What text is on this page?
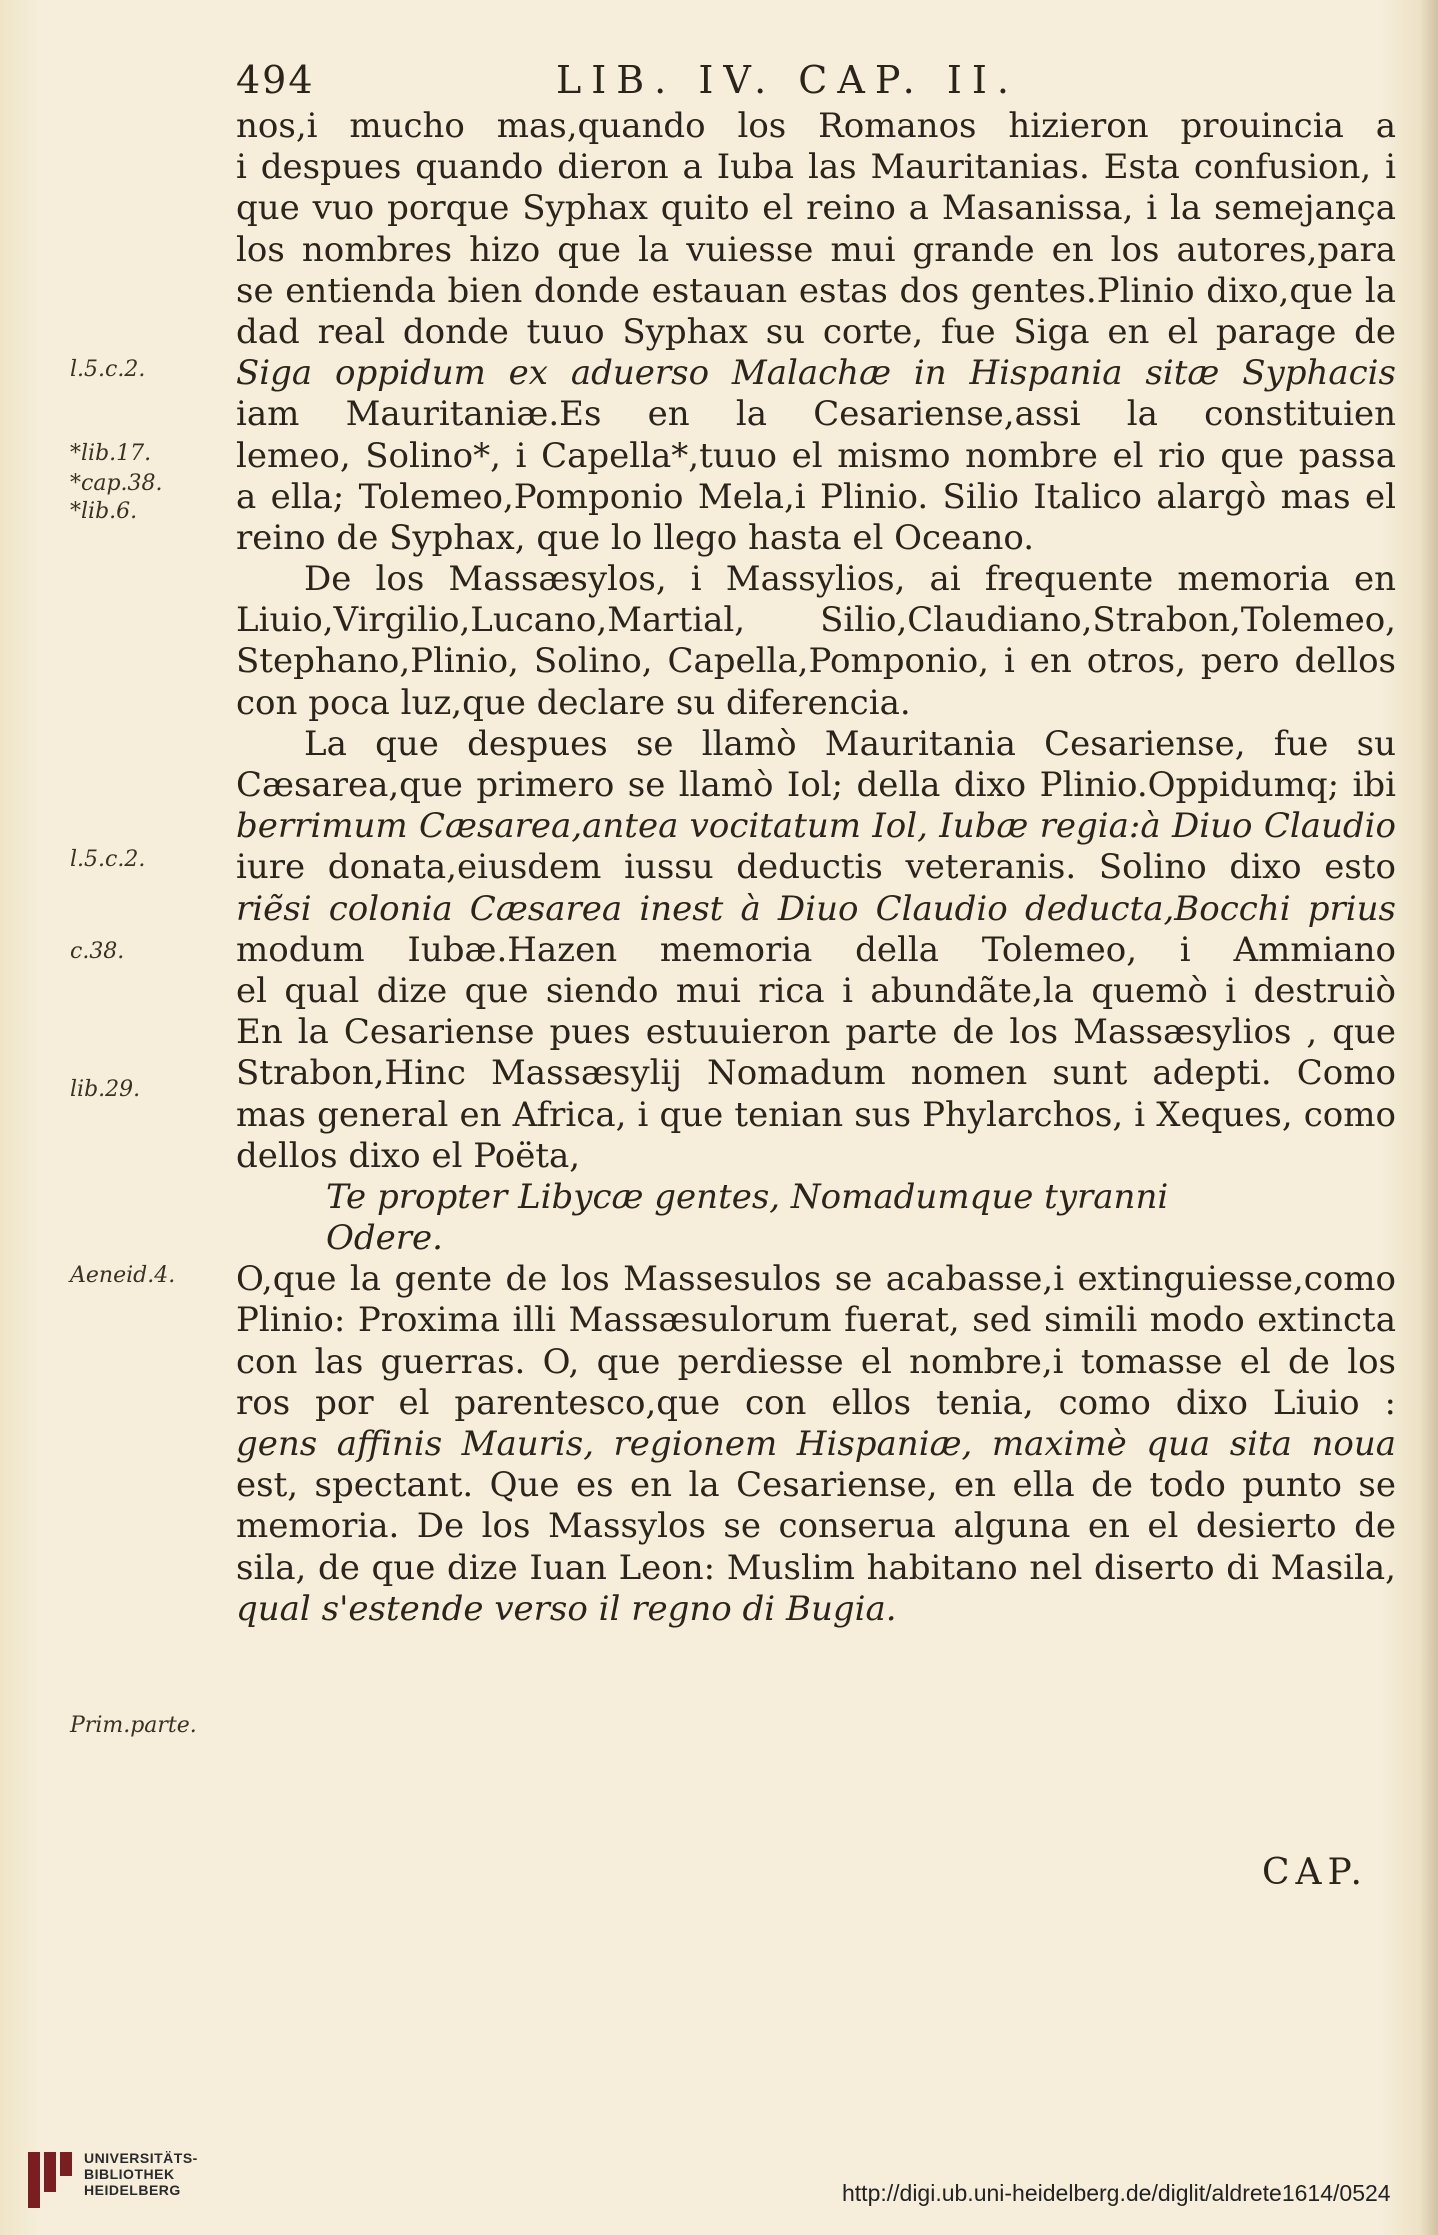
494	LIB. IV. CAP. II.
nos,i mucho mas,quando los Romanos hizieron prouincia a
i despues quando dieron a Iuba las Mauritanias. Esta confusion, i
que vuo porque Syphax quito el reino a Masanissa, i la semejança
los nombres hizo que la vuiesse mui grande en los autores,para
se entienda bien donde estauan estas dos gentes.Plinio dixo,que la
dad real donde tuuo Syphax su corte, fue Siga en el parage de
Siga oppidum ex aduerso Malachæ in Hispania sitæ Syphacis
iam Mauritaniæ.Es en la Cesariense,assi la constituien
lemeo, Solino*, i Capella*,tuuo el mismo nombre el rio que passa
a ella; Tolemeo,Pomponio Mela,i Plinio. Silio Italico alargò mas el
reino de Syphax, que lo llego hasta el Oceano.
De los Massæsylos, i Massylios, ai frequente memoria en
Liuio,Virgilio,Lucano,Martial, Silio,Claudiano,Strabon,Tolemeo,
Stephano,Plinio, Solino, Capella,Pomponio, i en otros, pero dellos
con poca luz,que declare su diferencia.
La que despues se llamò Mauritania Cesariense, fue su
Cæsarea,que primero se llamò Iol; della dixo Plinio.Oppidumq; ibi
berrimum Cæsarea,antea vocitatum Iol, Iubæ regia:à Diuo Claudio
iure donata,eiusdem iussu deductis veteranis. Solino dixo esto
riẽsi colonia Cæsarea inest à Diuo Claudio deducta,Bocchi prius
modum Iubæ.Hazen memoria della Tolemeo, i Ammiano
el qual dize que siendo mui rica i abundãte,la quemò i destruiò
En la Cesariense pues estuuieron parte de los Massæsylios , que
Strabon,Hinc Massæsylij Nomadum nomen sunt adepti. Como
mas general en Africa, i que tenian sus Phylarchos, i Xeques, como
dellos dixo el Poëta,
Te propter Libycæ gentes, Nomadumque tyranni
Odere.
O,que la gente de los Massesulos se acabasse,i extinguiesse,como
Plinio: Proxima illi Massæsulorum fuerat, sed simili modo extincta
con las guerras. O, que perdiesse el nombre,i tomasse el de los
ros por el parentesco,que con ellos tenia, como dixo Liuio :
gens affinis Mauris, regionem Hispaniæ, maximè qua sita noua
est, spectant. Que es en la Cesariense, en ella de todo punto se
memoria. De los Massylos se conserua alguna en el desierto de
sila, de que dize Iuan Leon: Muslim habitano nel diserto di Masila,
qual s'estende verso il regno di Bugia.
l.5.c.2.
*lib.17.
*cap.38.
*lib.6.
l.5.c.2.
c.38.
lib.29.
Aeneid.4.
Prim.parte.
CAP.
UNIVERSITÄTS-
BIBLIOTHEK
HEIDELBERG	http://digi.ub.uni-heidelberg.de/diglit/aldrete1614/0524
